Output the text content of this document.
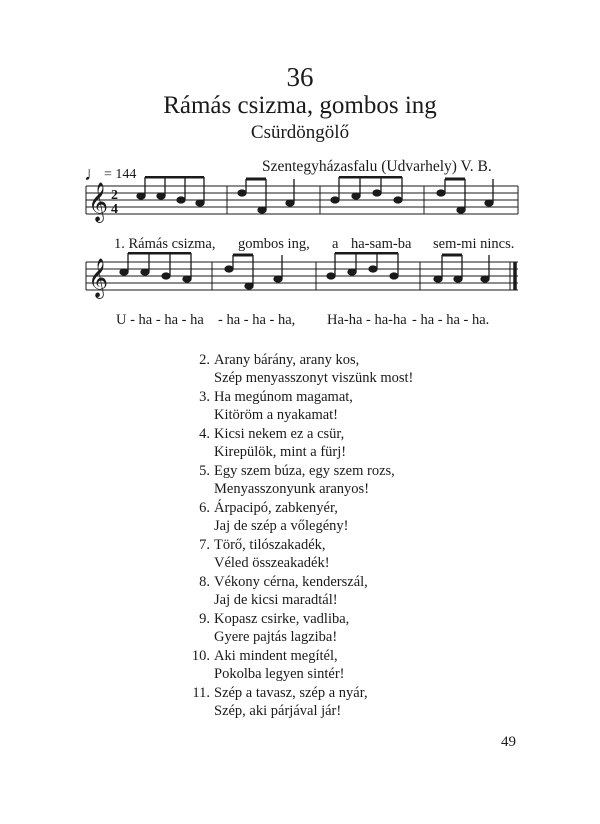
36
Rámás csizma, gombos ing
Csürdöngölő
♩= 144	Szentegyházasfalu (Udvarhely) V. B.
𝄞 2
4
1. Rámás csizma, gombos ing, a ha-sam-ba sem-mi nincs.
𝄞
U - ha - ha - ha - ha - ha - ha, Ha-ha - ha-ha - ha - ha - ha.
2. Arany bárány, arany kos,
Szép menyasszonyt viszünk most!
3. Ha megúnom magamat,
Kitöröm a nyakamat!
4. Kicsi nekem ez a csür,
Kirepülök, mint a fürj!
5. Egy szem búza, egy szem rozs,
Menyasszonyunk aranyos!
6. Árpacipó, zabkenyér,
Jaj de szép a vőlegény!
7. Törő, tilószakadék,
Véled összeakadék!
8. Vékony cérna, kenderszál,
Jaj de kicsi maradtál!
9. Kopasz csirke, vadliba,
Gyere pajtás lagziba!
10. Aki mindent megítél,
Pokolba legyen sintér!
11. Szép a tavasz, szép a nyár,
Szép, aki párjával jár!
49
